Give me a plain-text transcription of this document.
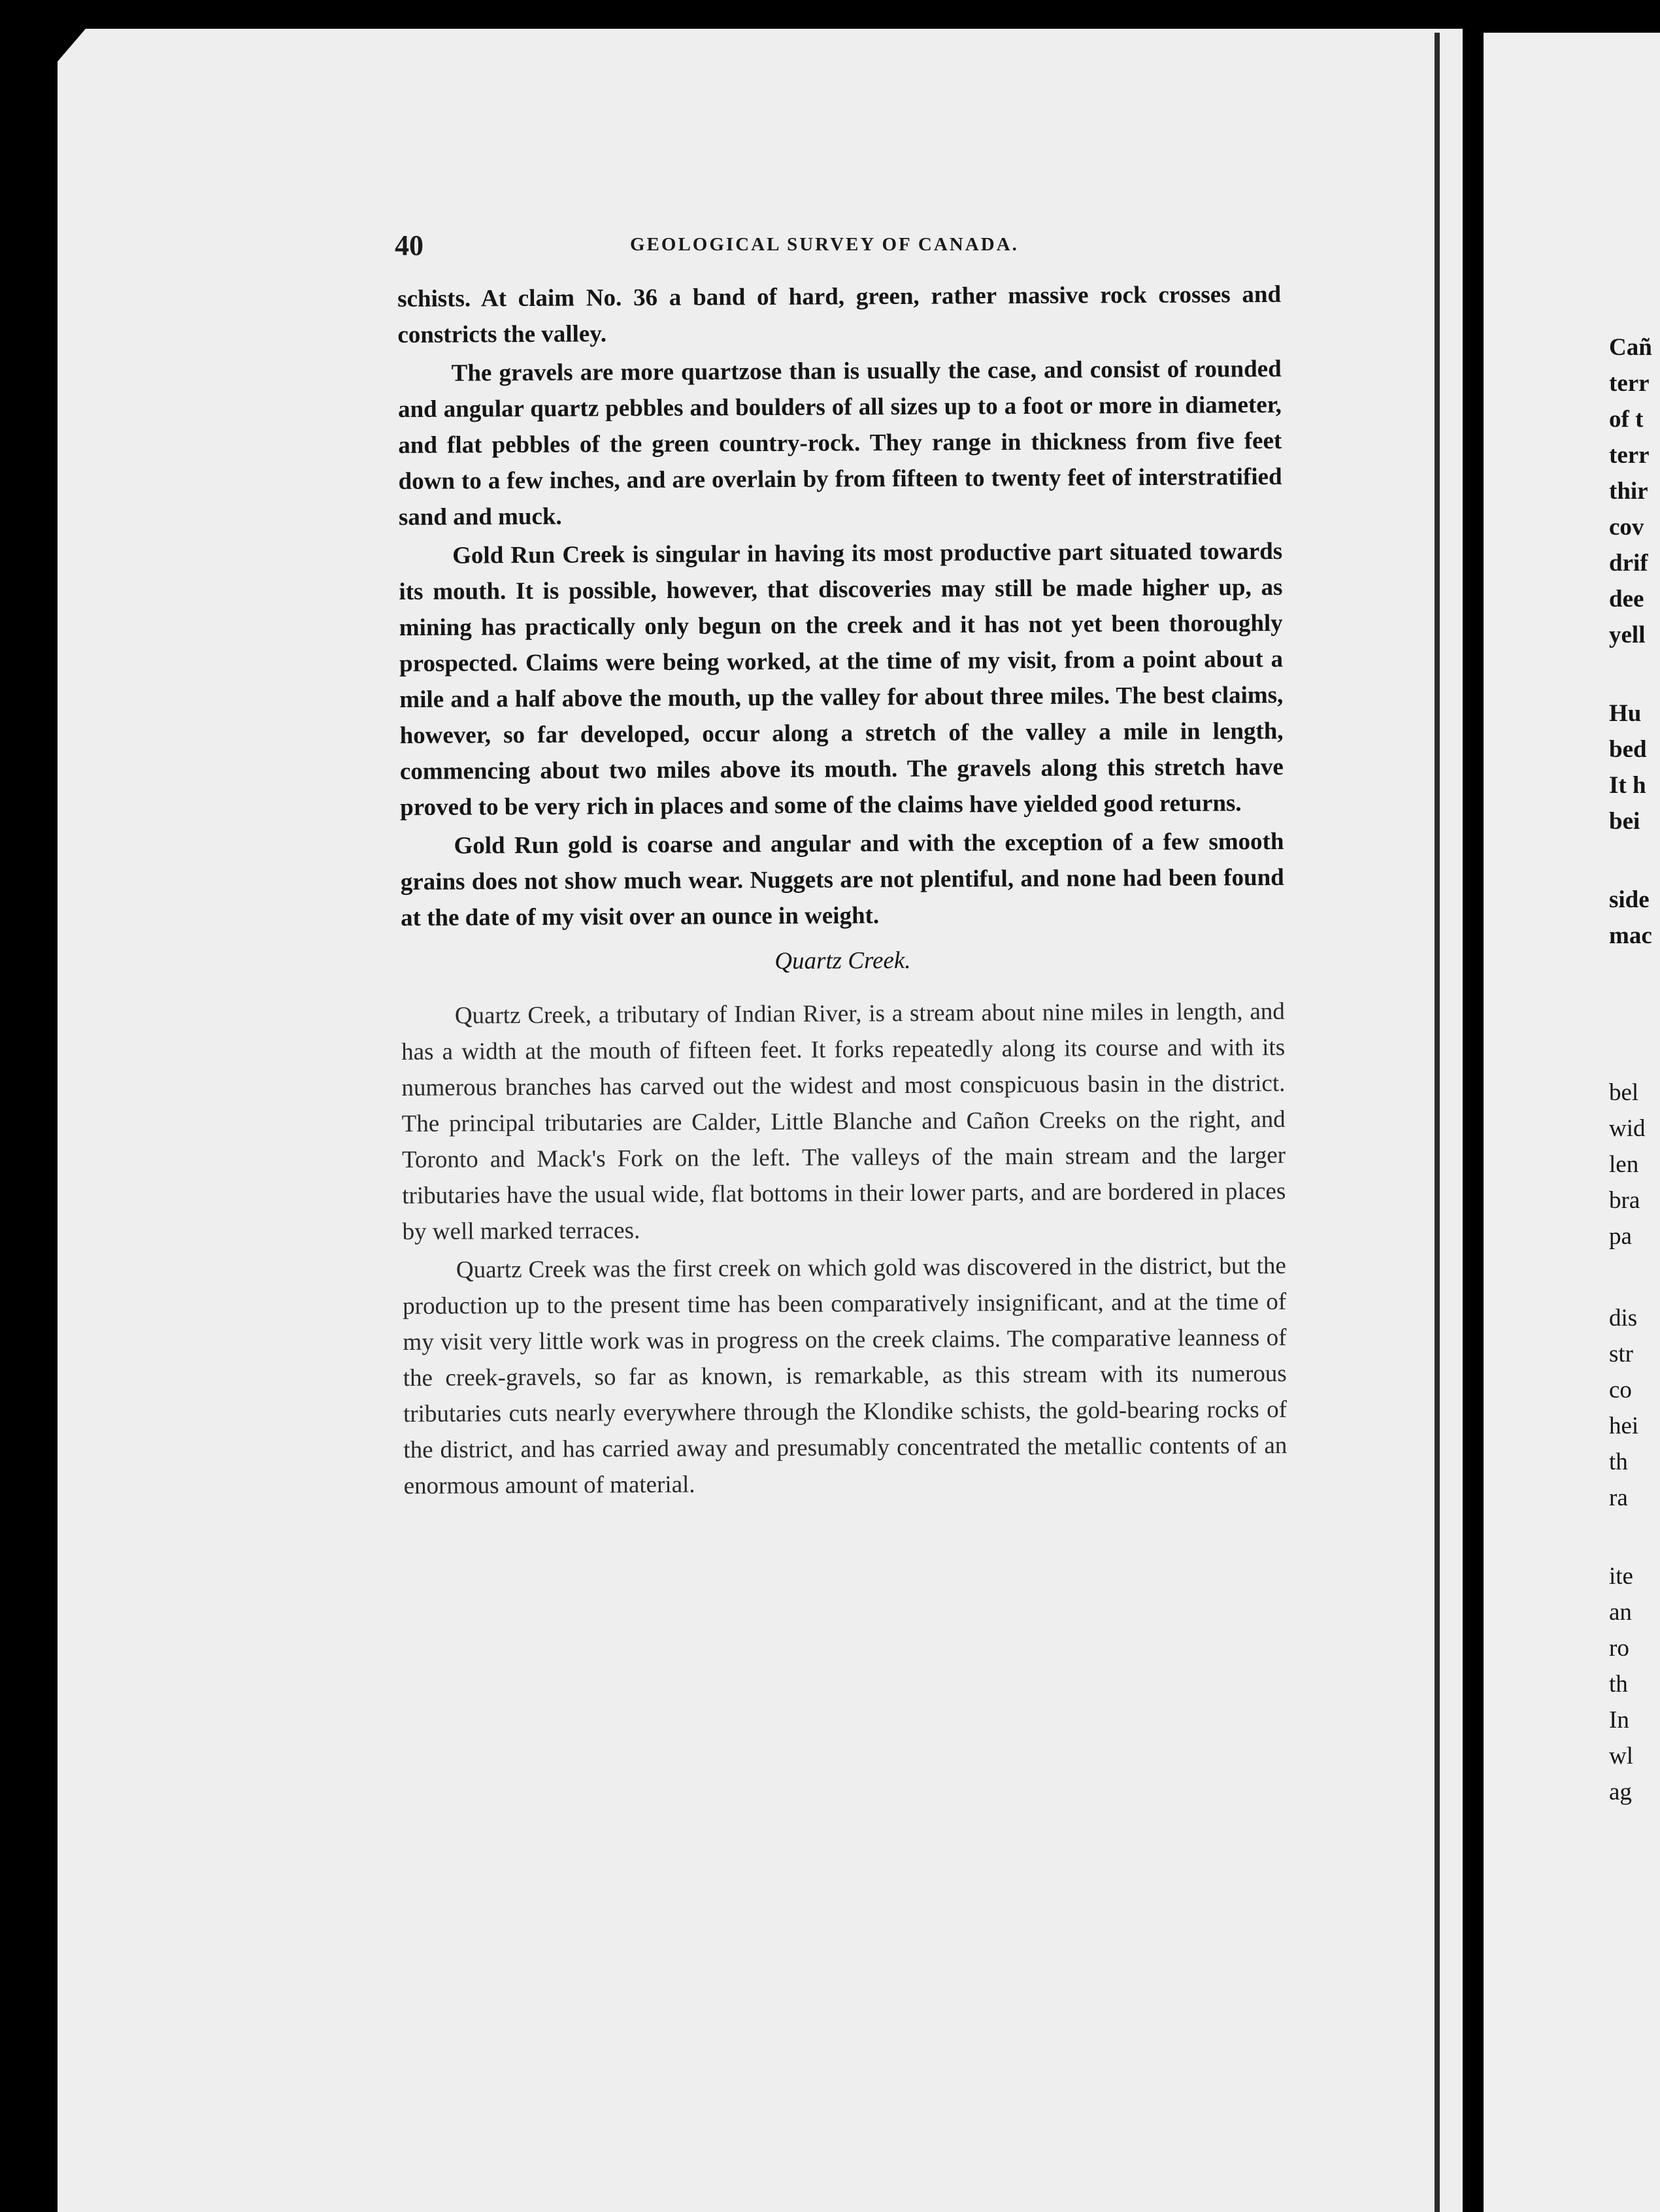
40	GEOLOGICAL SURVEY OF CANADA.

schists. At claim No. 36 a band of hard, green, rather massive rock crosses and constricts the valley.

The gravels are more quartzose than is usually the case, and consist of rounded and angular quartz pebbles and boulders of all sizes up to a foot or more in diameter, and flat pebbles of the green country-rock. They range in thickness from five feet down to a few inches, and are overlain by from fifteen to twenty feet of interstratified sand and muck.

Gold Run Creek is singular in having its most productive part situated towards its mouth. It is possible, however, that discoveries may still be made higher up, as mining has practically only begun on the creek and it has not yet been thoroughly prospected. Claims were being worked, at the time of my visit, from a point about a mile and a half above the mouth, up the valley for about three miles. The best claims, however, so far developed, occur along a stretch of the valley a mile in length, commencing about two miles above its mouth. The gravels along this stretch have proved to be very rich in places and some of the claims have yielded good returns.

Gold Run gold is coarse and angular and with the exception of a few smooth grains does not show much wear. Nuggets are not plentiful, and none had been found at the date of my visit over an ounce in weight.

Quartz Creek.

Quartz Creek, a tributary of Indian River, is a stream about nine miles in length, and has a width at the mouth of fifteen feet. It forks repeatedly along its course and with its numerous branches has carved out the widest and most conspicuous basin in the district. The principal tributaries are Calder, Little Blanche and Cañon Creeks on the right, and Toronto and Mack's Fork on the left. The valleys of the main stream and the larger tributaries have the usual wide, flat bottoms in their lower parts, and are bordered in places by well marked terraces.

Quartz Creek was the first creek on which gold was discovered in the district, but the production up to the present time has been comparatively insignificant, and at the time of my visit very little work was in progress on the creek claims. The comparative leanness of the creek-gravels, so far as known, is remarkable, as this stream with its numerous tributaries cuts nearly everywhere through the Klondike schists, the gold-bearing rocks of the district, and has carried away and presumably concentrated the metallic contents of an enormous amount of material.

Cañ
terr
of t
terr
thir
cov
drif
dee
yell
Hu
bed
It h
bei
side
mac
bel
wid
len
bra
pa
dis
str
co
hei
th
ra
ite
an
ro
th
In
wl
ag
